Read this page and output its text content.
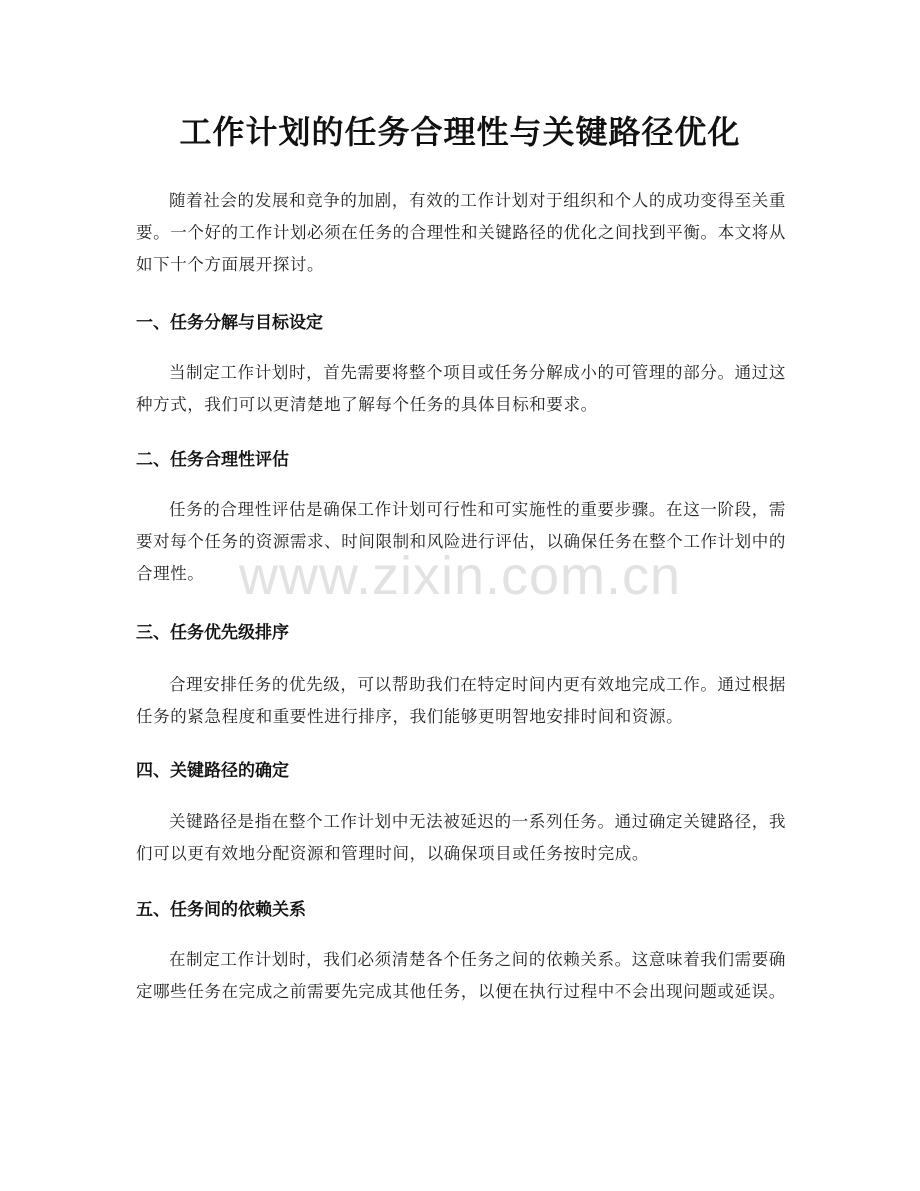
工作计划的任务合理性与关键路径优化
随着社会的发展和竞争的加剧，有效的工作计划对于组织和个人的成功变得至关重要。一个好的工作计划必须在任务的合理性和关键路径的优化之间找到平衡。本文将从如下十个方面展开探讨。
一、任务分解与目标设定
当制定工作计划时，首先需要将整个项目或任务分解成小的可管理的部分。通过这种方式，我们可以更清楚地了解每个任务的具体目标和要求。
二、任务合理性评估
任务的合理性评估是确保工作计划可行性和可实施性的重要步骤。在这一阶段，需要对每个任务的资源需求、时间限制和风险进行评估，以确保任务在整个工作计划中的合理性。
三、任务优先级排序
合理安排任务的优先级，可以帮助我们在特定时间内更有效地完成工作。通过根据任务的紧急程度和重要性进行排序，我们能够更明智地安排时间和资源。
四、关键路径的确定
关键路径是指在整个工作计划中无法被延迟的一系列任务。通过确定关键路径，我们可以更有效地分配资源和管理时间，以确保项目或任务按时完成。
五、任务间的依赖关系
在制定工作计划时，我们必须清楚各个任务之间的依赖关系。这意味着我们需要确定哪些任务在完成之前需要先完成其他任务，以便在执行过程中不会出现问题或延误。
www.zixin.com.cn
